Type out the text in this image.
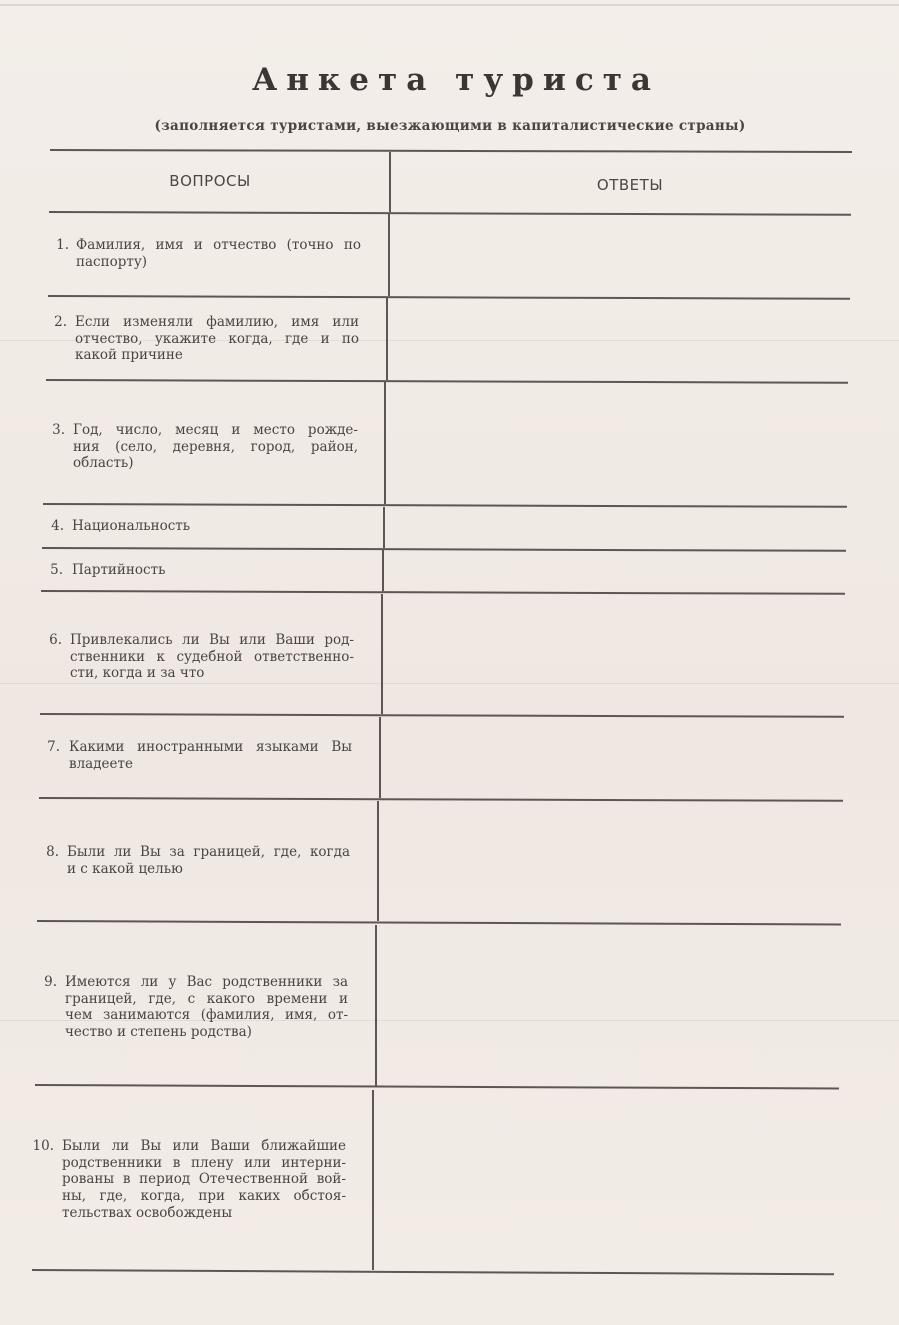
Анкета туриста
(заполняется туристами, выезжающими в капиталистические страны)
ВОПРОСЫ	ОТВЕТЫ
1. Фамилия, имя и отчество (точно по
паспорту)
2. Если изменяли фамилию, имя или
отчество, укажите когда, где и по
какой причине
3. Год, число, месяц и место рожде-
ния (село, деревня, город, район,
область)
4. Национальность
5. Партийность
6. Привлекались ли Вы или Ваши род-
ственники к судебной ответственно-
сти, когда и за что
7. Какими иностранными языками Вы
владеете
8. Были ли Вы за границей, где, когда
и с какой целью
9. Имеются ли у Вас родственники за
границей, где, с какого времени и
чем занимаются (фамилия, имя, от-
чество и степень родства)
10. Были ли Вы или Ваши ближайшие
родственники в плену или интерни-
рованы в период Отечественной вой-
ны, где, когда, при каких обстоя-
тельствах освобождены
